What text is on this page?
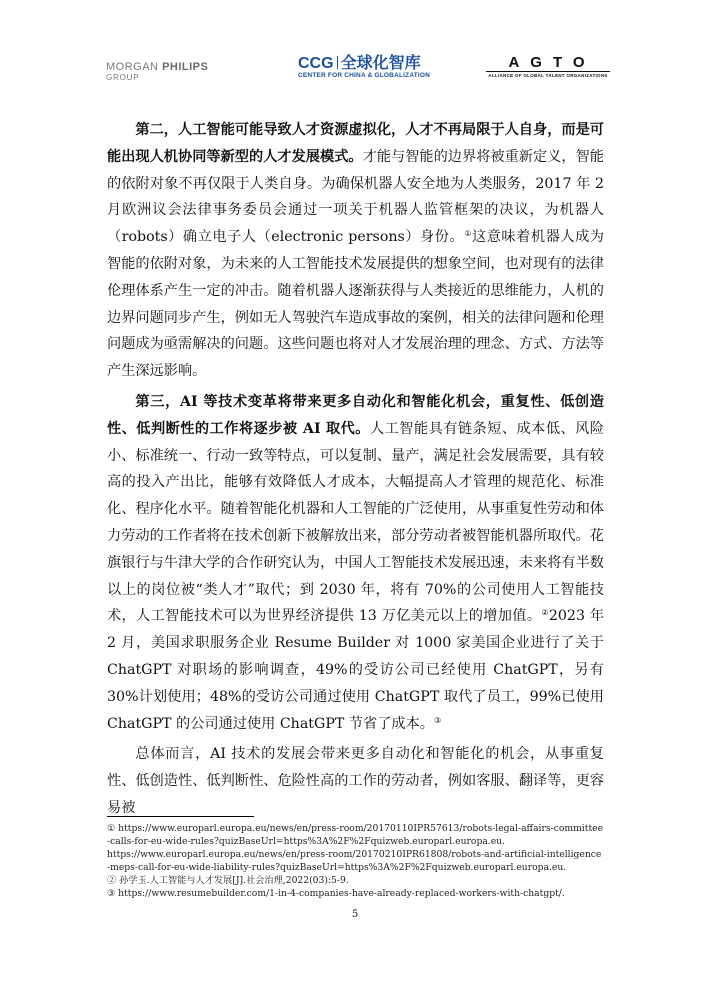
MORGAN PHILIPS
GROUP
CCG 全球化智库
CENTER FOR CHINA & GLOBALIZATION
AGTO
ALLIANCE OF GLOBAL TALENT ORGANIZATIONS

第二，人工智能可能导致人才资源虚拟化，人才不再局限于人自身，而是可能出现人机协同等新型的人才发展模式。才能与智能的边界将被重新定义，智能的依附对象不再仅限于人类自身。为确保机器人安全地为人类服务，2017 年 2 月欧洲议会法律事务委员会通过一项关于机器人监管框架的决议，为机器人（robots）确立电子人（electronic persons）身份。①这意味着机器人成为智能的依附对象，为未来的人工智能技术发展提供的想象空间，也对现有的法律伦理体系产生一定的冲击。随着机器人逐渐获得与人类接近的思维能力，人机的边界问题同步产生，例如无人驾驶汽车造成事故的案例，相关的法律问题和伦理问题成为亟需解决的问题。这些问题也将对人才发展治理的理念、方式、方法等产生深远影响。

第三，AI 等技术变革将带来更多自动化和智能化机会，重复性、低创造性、低判断性的工作将逐步被 AI 取代。人工智能具有链条短、成本低、风险小、标准统一、行动一致等特点，可以复制、量产，满足社会发展需要，具有较高的投入产出比，能够有效降低人才成本，大幅提高人才管理的规范化、标准化、程序化水平。随着智能化机器和人工智能的广泛使用，从事重复性劳动和体力劳动的工作者将在技术创新下被解放出来，部分劳动者被智能机器所取代。花旗银行与牛津大学的合作研究认为，中国人工智能技术发展迅速，未来将有半数以上的岗位被“类人才”取代；到 2030 年，将有 70%的公司使用人工智能技术，人工智能技术可以为世界经济提供 13 万亿美元以上的增加值。②2023 年 2 月，美国求职服务企业 Resume Builder 对 1000 家美国企业进行了关于 ChatGPT 对职场的影响调查，49%的受访公司已经使用 ChatGPT，另有 30%计划使用；48%的受访公司通过使用 ChatGPT 取代了员工，99%已使用 ChatGPT 的公司通过使用 ChatGPT 节省了成本。③

总体而言，AI 技术的发展会带来更多自动化和智能化的机会，从事重复性、低创造性、低判断性、危险性高的工作的劳动者，例如客服、翻译等，更容易被

① https://www.europarl.europa.eu/news/en/press-room/20170110IPR57613/robots-legal-affairs-committee-calls-for-eu-wide-rules?quizBaseUrl=https%3A%2F%2Fquizweb.europarl.europa.eu.
https://www.europarl.europa.eu/news/en/press-room/20170210IPR61808/robots-and-artificial-intelligence-meps-call-for-eu-wide-liability-rules?quizBaseUrl=https%3A%2F%2Fquizweb.europarl.europa.eu.
② 孙学玉.人工智能与人才发展[J].社会治理,2022(03):5-9.
③ https://www.resumebuilder.com/1-in-4-companies-have-already-replaced-workers-with-chatgpt/.
5
